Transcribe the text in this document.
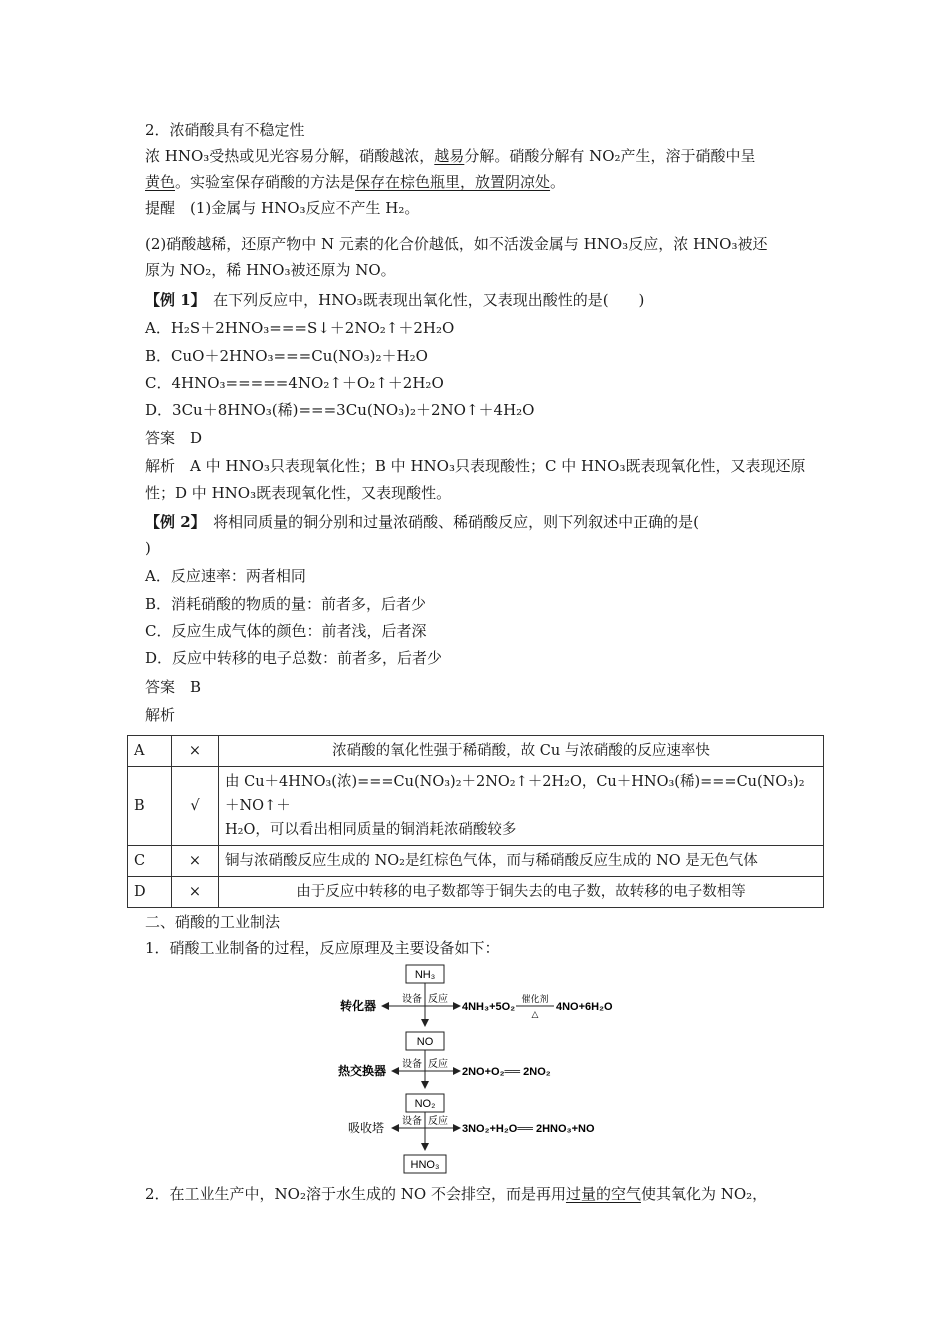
2．浓硝酸具有不稳定性
浓 HNO₃受热或见光容易分解，硝酸越浓，越易分解。硝酸分解有 NO₂产生，溶于硝酸中呈
黄色。实验室保存硝酸的方法是保存在棕色瓶里，放置阴凉处。
提醒　(1)金属与 HNO₃反应不产生 H₂。
(2)硝酸越稀，还原产物中 N 元素的化合价越低，如不活泼金属与 HNO₃反应，浓 HNO₃被还
原为 NO₂，稀 HNO₃被还原为 NO。
【例 1】　在下列反应中，HNO₃既表现出氧化性，又表现出酸性的是(　　)
A．H₂S＋2HNO₃===S↓＋2NO₂↑＋2H₂O
B．CuO＋2HNO₃===Cu(NO₃)₂＋H₂O
C．4HNO₃=====4NO₂↑＋O₂↑＋2H₂O
D．3Cu＋8HNO₃(稀)===3Cu(NO₃)₂＋2NO↑＋4H₂O
答案　D
解析　A 中 HNO₃只表现氧化性；B 中 HNO₃只表现酸性；C 中 HNO₃既表现氧化性，又表现还原
性；D 中 HNO₃既表现氧化性，又表现酸性。
【例 2】　将相同质量的铜分别和过量浓硝酸、稀硝酸反应，则下列叙述中正确的是(
)
A．反应速率：两者相同
B．消耗硝酸的物质的量：前者多，后者少
C．反应生成气体的颜色：前者浅，后者深
D．反应中转移的电子总数：前者多，后者少
答案　B
解析
A	×	浓硝酸的氧化性强于稀硝酸，故 Cu 与浓硝酸的反应速率快
B	√	由 Cu＋4HNO₃(浓)===Cu(NO₃)₂＋2NO₂↑＋2H₂O，Cu＋HNO₃(稀)===Cu(NO₃)₂＋NO↑＋
H₂O，可以看出相同质量的铜消耗浓硝酸较多

C	×	铜与浓硝酸反应生成的 NO₂是红棕色气体，而与稀硝酸反应生成的 NO 是无色气体
D	×	由于反应中转移的电子数都等于铜失去的电子数，故转移的电子数相等
二、硝酸的工业制法
1．硝酸工业制备的过程，反应原理及主要设备如下：
NH₃
NO
NO₂
HNO₃
转化器	设备 反应
4NH₃+5O₂
催化剂
△
4NO+6H₂O
热交换器 设备 反应
2NO+O₂══ 2NO₂
吸收塔 设备 反应
3NO₂+H₂O══ 2HNO₃+NO
2．在工业生产中，NO₂溶于水生成的 NO 不会排空，而是再用过量的空气使其氧化为 NO₂，
